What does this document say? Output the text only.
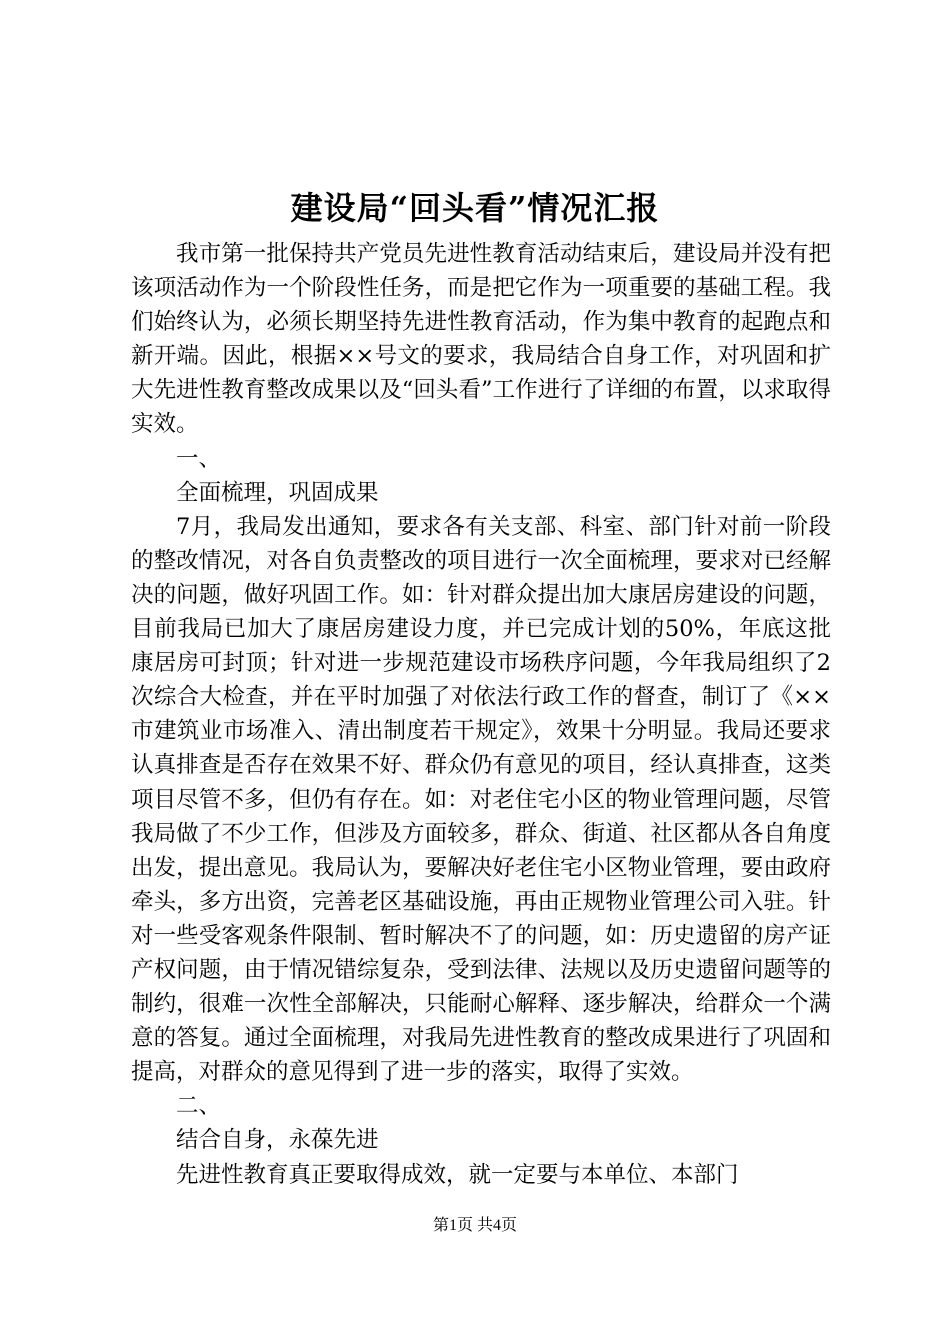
建设局“回头看”情况汇报

我市第一批保持共产党员先进性教育活动结束后，建设局并没有把该项活动作为一个阶段性任务，而是把它作为一项重要的基础工程。我们始终认为，必须长期坚持先进性教育活动，作为集中教育的起跑点和新开端。因此，根据××号文的要求，我局结合自身工作，对巩固和扩大先进性教育整改成果以及“回头看”工作进行了详细的布置，以求取得实效。

一、

全面梳理，巩固成果

7月，我局发出通知，要求各有关支部、科室、部门针对前一阶段的整改情况，对各自负责整改的项目进行一次全面梳理，要求对已经解决的问题，做好巩固工作。如：针对群众提出加大康居房建设的问题，目前我局已加大了康居房建设力度，并已完成计划的50%，年底这批康居房可封顶；针对进一步规范建设市场秩序问题，今年我局组织了2次综合大检查，并在平时加强了对依法行政工作的督查，制订了《××市建筑业市场准入、清出制度若干规定》，效果十分明显。我局还要求认真排查是否存在效果不好、群众仍有意见的项目，经认真排查，这类项目尽管不多，但仍有存在。如：对老住宅小区的物业管理问题，尽管我局做了不少工作，但涉及方面较多，群众、街道、社区都从各自角度出发，提出意见。我局认为，要解决好老住宅小区物业管理，要由政府牵头，多方出资，完善老区基础设施，再由正规物业管理公司入驻。针对一些受客观条件限制、暂时解决不了的问题，如：历史遗留的房产证产权问题，由于情况错综复杂，受到法律、法规以及历史遗留问题等的制约，很难一次性全部解决，只能耐心解释、逐步解决，给群众一个满意的答复。通过全面梳理，对我局先进性教育的整改成果进行了巩固和提高，对群众的意见得到了进一步的落实，取得了实效。

二、

结合自身，永葆先进

先进性教育真正要取得成效，就一定要与本单位、本部门

第1页 共4页
